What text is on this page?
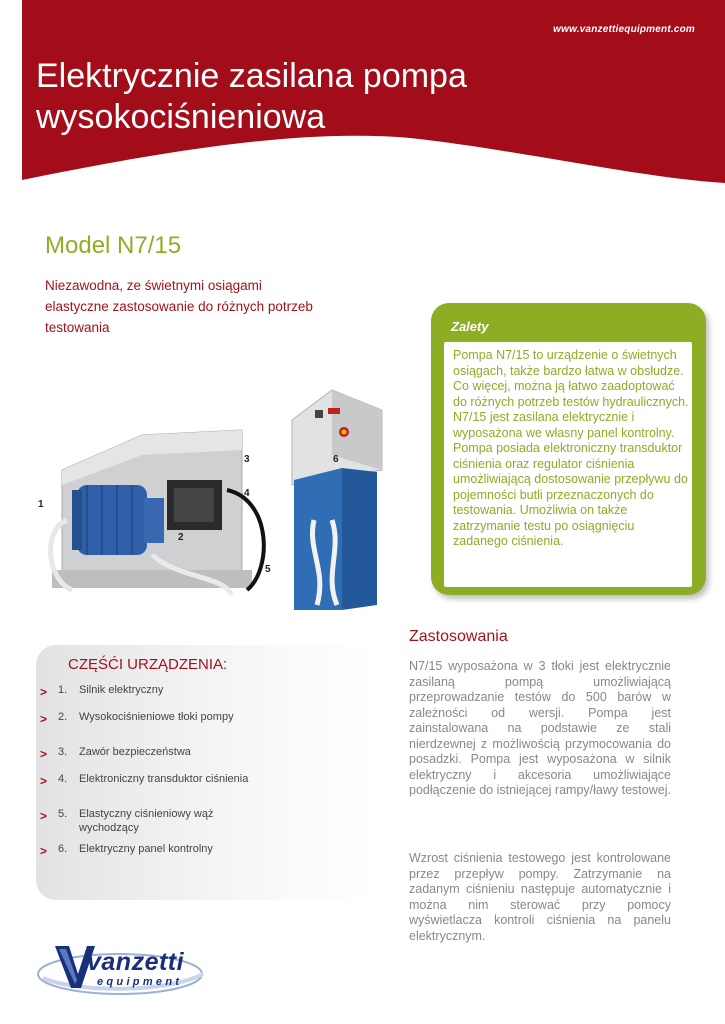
www.vanzettiequipment.com
Elektrycznie zasilana pompa
wysokociśnieniowa
Model N7/15
Niezawodna, ze świetnymi osiągami elastyczne zastosowanie do różnych potrzeb testowania	Zalety
Pompa N7/15 to urządzenie o świetnych osiągach, także bardzo łatwa w obsłudze. Co więcej, można ją łatwo zaadoptować do różnych potrzeb testów hydraulicznych. N7/15 jest zasilana elektrycznie i wyposażona we własny panel kontrolny. Pompa posiada elektroniczny transduktor ciśnienia oraz regulator ciśnienia umożliwiającą dostosowanie przepływu do pojemności butli przeznaczonych do testowania. Umożliwia on także zatrzymanie testu po osiągnięciu zadanego ciśnienia.
1
2
3
4
5
6
CZĘŚĆI URZĄDZENIA:
> 1. Silnik elektryczny
> 2. Wysokociśnieniowe tłoki pompy
> 3. Zawór bezpieczeństwa
> 4. Elektroniczny transduktor ciśnienia
> 5. Elastyczny ciśnieniowy wąż wychodzący
> 6. Elektryczny panel kontrolny
Zastosowania

N7/15 wyposażona w 3 tłoki jest elektrycznie zasilaną pompą umożliwiającą przeprowadzanie testów do 500 barów w zależności od wersji. Pompa jest zainstalowana na podstawie ze stali nierdzewnej z możliwością przymocowania do posadzki. Pompa jest wyposażona w silnik elektryczny i akcesoria umożliwiające podłączenie do istniejącej rampy/ławy testowej.

Wzrost ciśnienia testowego jest kontrolowane przez przepływ pompy. Zatrzymanie na zadanym ciśnieniu następuje automatycznie i można nim sterować przy pomocy wyświetlacza kontroli ciśnienia na panelu elektrycznym.

vanzetti
equipment
